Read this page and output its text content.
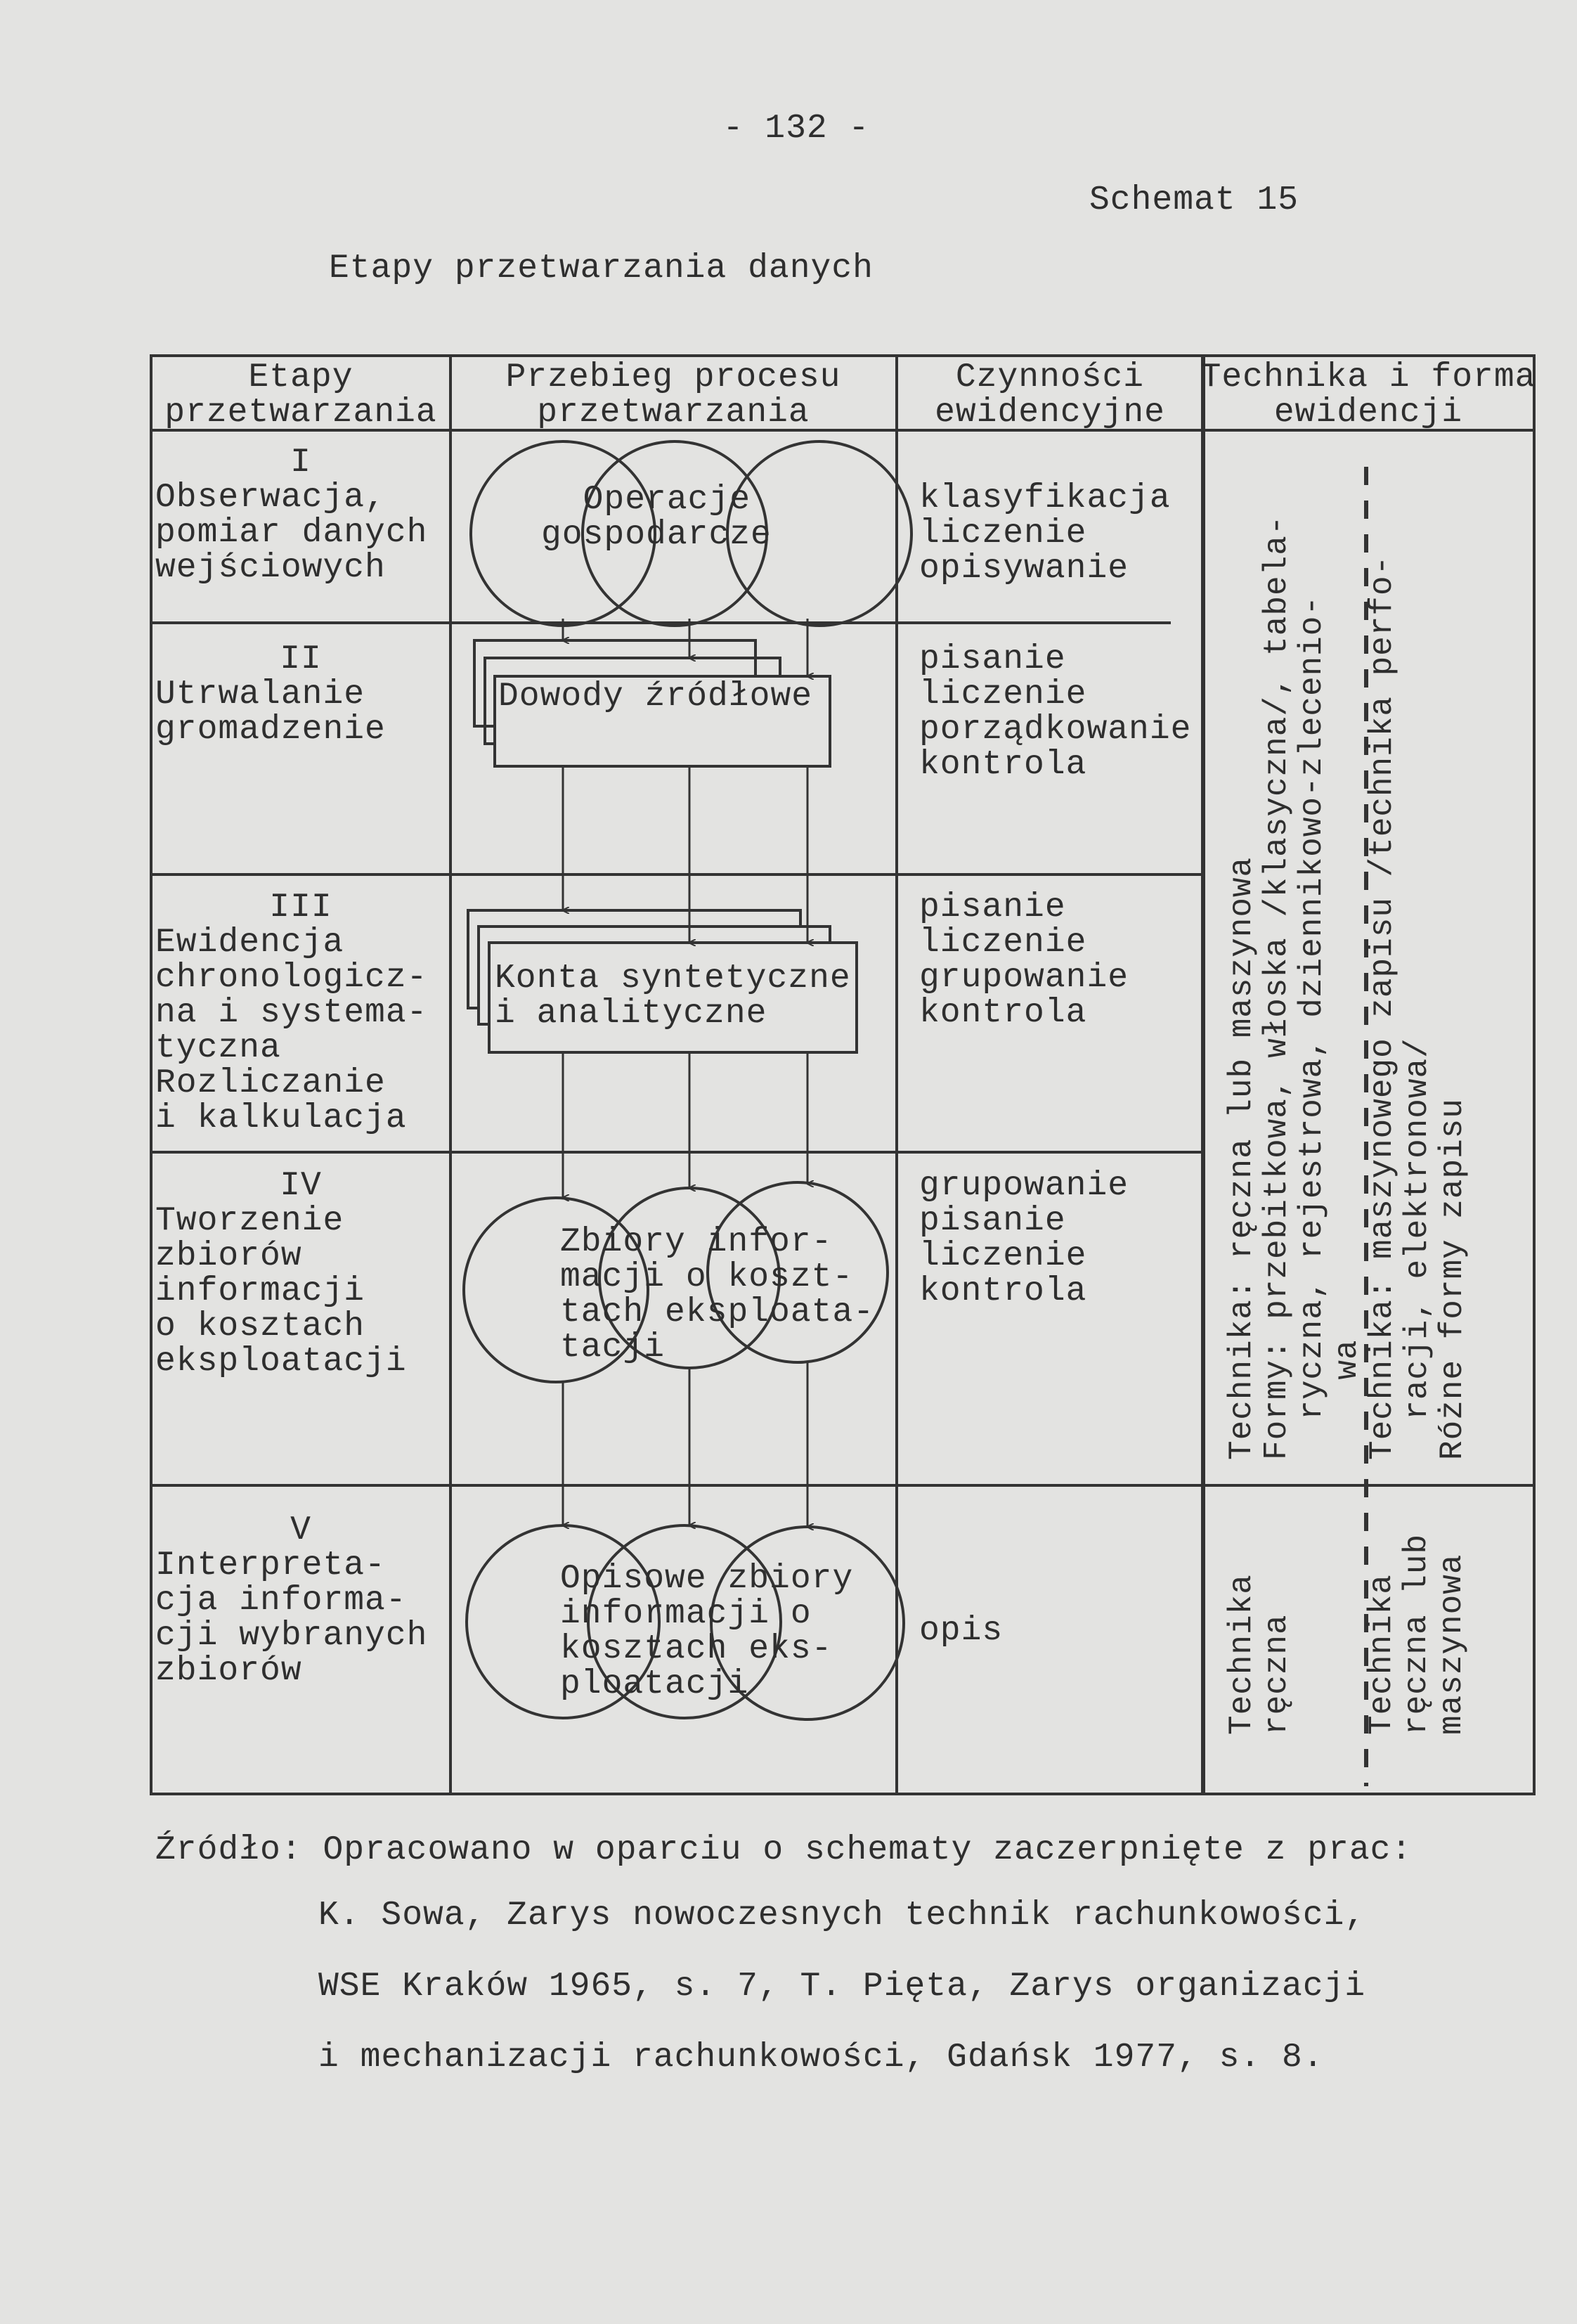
- 132 -
Schemat 15
Etapy przetwarzania danych
Etapy
przetwarzania
Przebieg procesu
przetwarzania
Czynności
ewidencyjne
Technika i forma
ewidencji
I
Obserwacja,
pomiar danych
wejściowych
II
Utrwalanie
gromadzenie
III
Ewidencja
chronologicz-
na i systema-
tyczna
Rozliczanie
i kalkulacja
IV
Tworzenie
zbiorów
informacji
o kosztach
eksploatacji
V
Interpreta-
cja informa-
cji wybranych
zbiorów
Operacje
gospodarcze
Dowody źródłowe
Konta syntetyczne
i analityczne
Zbiory infor-
macji o koszt-
tach eksploata-
tacji
Opisowe zbiory
informacji o
kosztach eks-
ploatacji
klasyfikacja
liczenie
opisywanie
pisanie
liczenie
porządkowanie
kontrola
pisanie
liczenie
grupowanie
kontrola
grupowanie
pisanie
liczenie
kontrola
opis
Technika: ręczna lub maszynowa
Formy: przebitkowa, włoska /klasyczna/, tabela-
ryczna, rejestrowa, dziennikowo-zlecenio-
wa
Technika: maszynowego zapisu /technika perfo-
racji, elektronowa/
Różne formy zapisu
Technika
ręczna Technika
ręczna lub
maszynowa
Źródło: Opracowano w oparciu o schematy zaczerpnięte z prac:
K. Sowa, Zarys nowoczesnych technik rachunkowości,
WSE Kraków 1965, s. 7, T. Pięta, Zarys organizacji
i mechanizacji rachunkowości, Gdańsk 1977, s. 8.
